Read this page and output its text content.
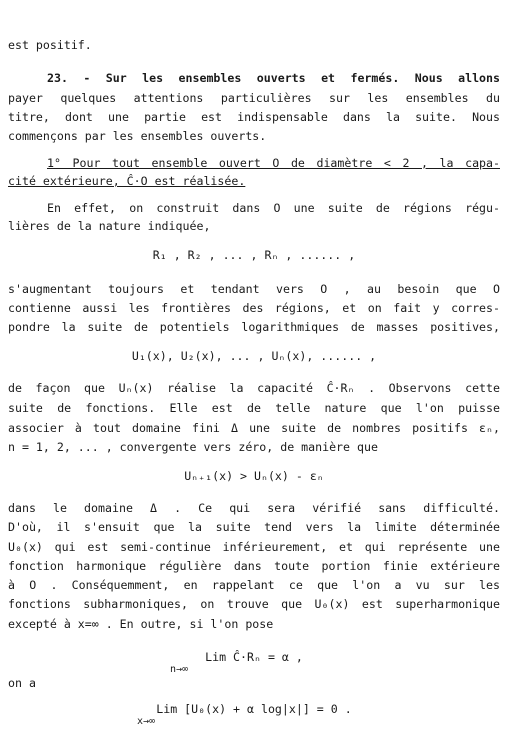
est positif.
23. - Sur les ensembles ouverts et fermés. Nous allons
payer quelques attentions particulières sur les ensembles du
titre, dont une partie est indispensable dans la suite. Nous
commençons par les ensembles ouverts.
1° Pour tout ensemble ouvert O de diamètre < 2 , la capa-
cité extérieure, Ĉ·O est réalisée.
En effet, on construit dans O une suite de régions régu-
lières de la nature indiquée,
R₁ , R₂ , ... , Rₙ , ...... ,
s'augmentant toujours et tendant vers O , au besoin que O
contienne aussi les frontières des régions, et on fait y corres-
pondre la suite de potentiels logarithmiques de masses positives,
U₁(x), U₂(x), ... , Uₙ(x), ...... ,
de façon que Uₙ(x) réalise la capacité Ĉ·Rₙ . Observons cette
suite de fonctions. Elle est de telle nature que l'on puisse
associer à tout domaine fini Δ une suite de nombres positifs εₙ,
n = 1, 2, ... , convergente vers zéro, de manière que
Uₙ₊₁(x) > Uₙ(x) - εₙ
dans le domaine Δ . Ce qui sera vérifié sans difficulté.
D'où, il s'ensuit que la suite tend vers la limite déterminée
U₀(x) qui est semi-continue inférieurement, et qui représente une
fonction harmonique régulière dans toute portion finie extérieure
à O . Conséquemment, en rappelant ce que l'on a vu sur les
fonctions subharmoniques, on trouve que U₀(x) est superharmonique
excepté à x=∞ . En outre, si l'on pose
Lim Ĉ·Rₙ = α ,
n→∞
on a
Lim [U₀(x) + α log|x|] = 0 .
x→∞
